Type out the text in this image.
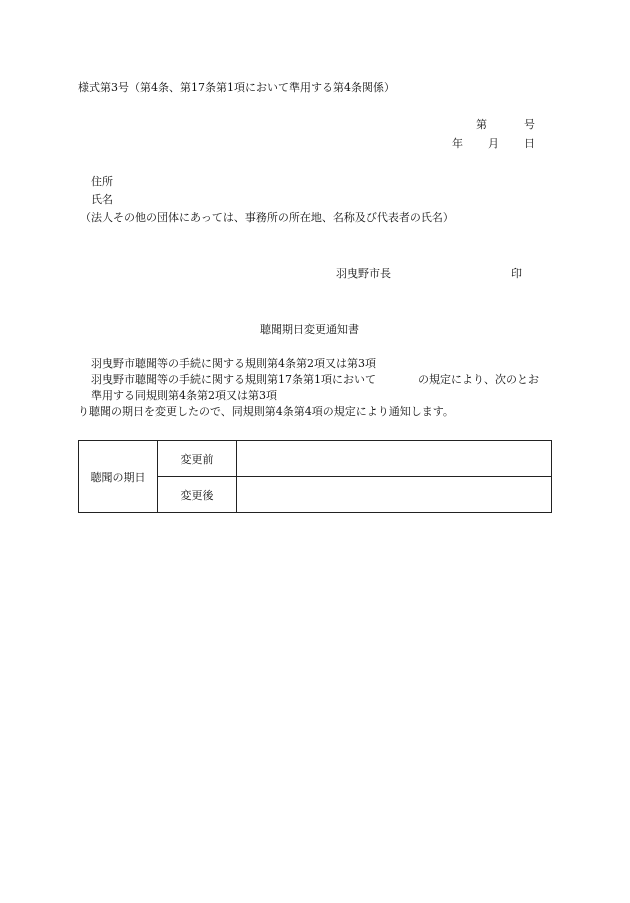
様式第3号（第4条、第17条第1項において準用する第4条関係）
第	号
年 月 日
住所
氏名
（法人その他の団体にあっては、事務所の所在地、名称及び代表者の氏名）
羽曳野市長	印
聴聞期日変更通知書
羽曳野市聴聞等の手続に関する規則第4条第2項又は第3項
羽曳野市聴聞等の手続に関する規則第17条第1項において	の規定により、次のとお
準用する同規則第4条第2項又は第3項
り聴聞の期日を変更したので、同規則第4条第4項の規定により通知します。
聴聞の期日	変更前	
	変更後	
